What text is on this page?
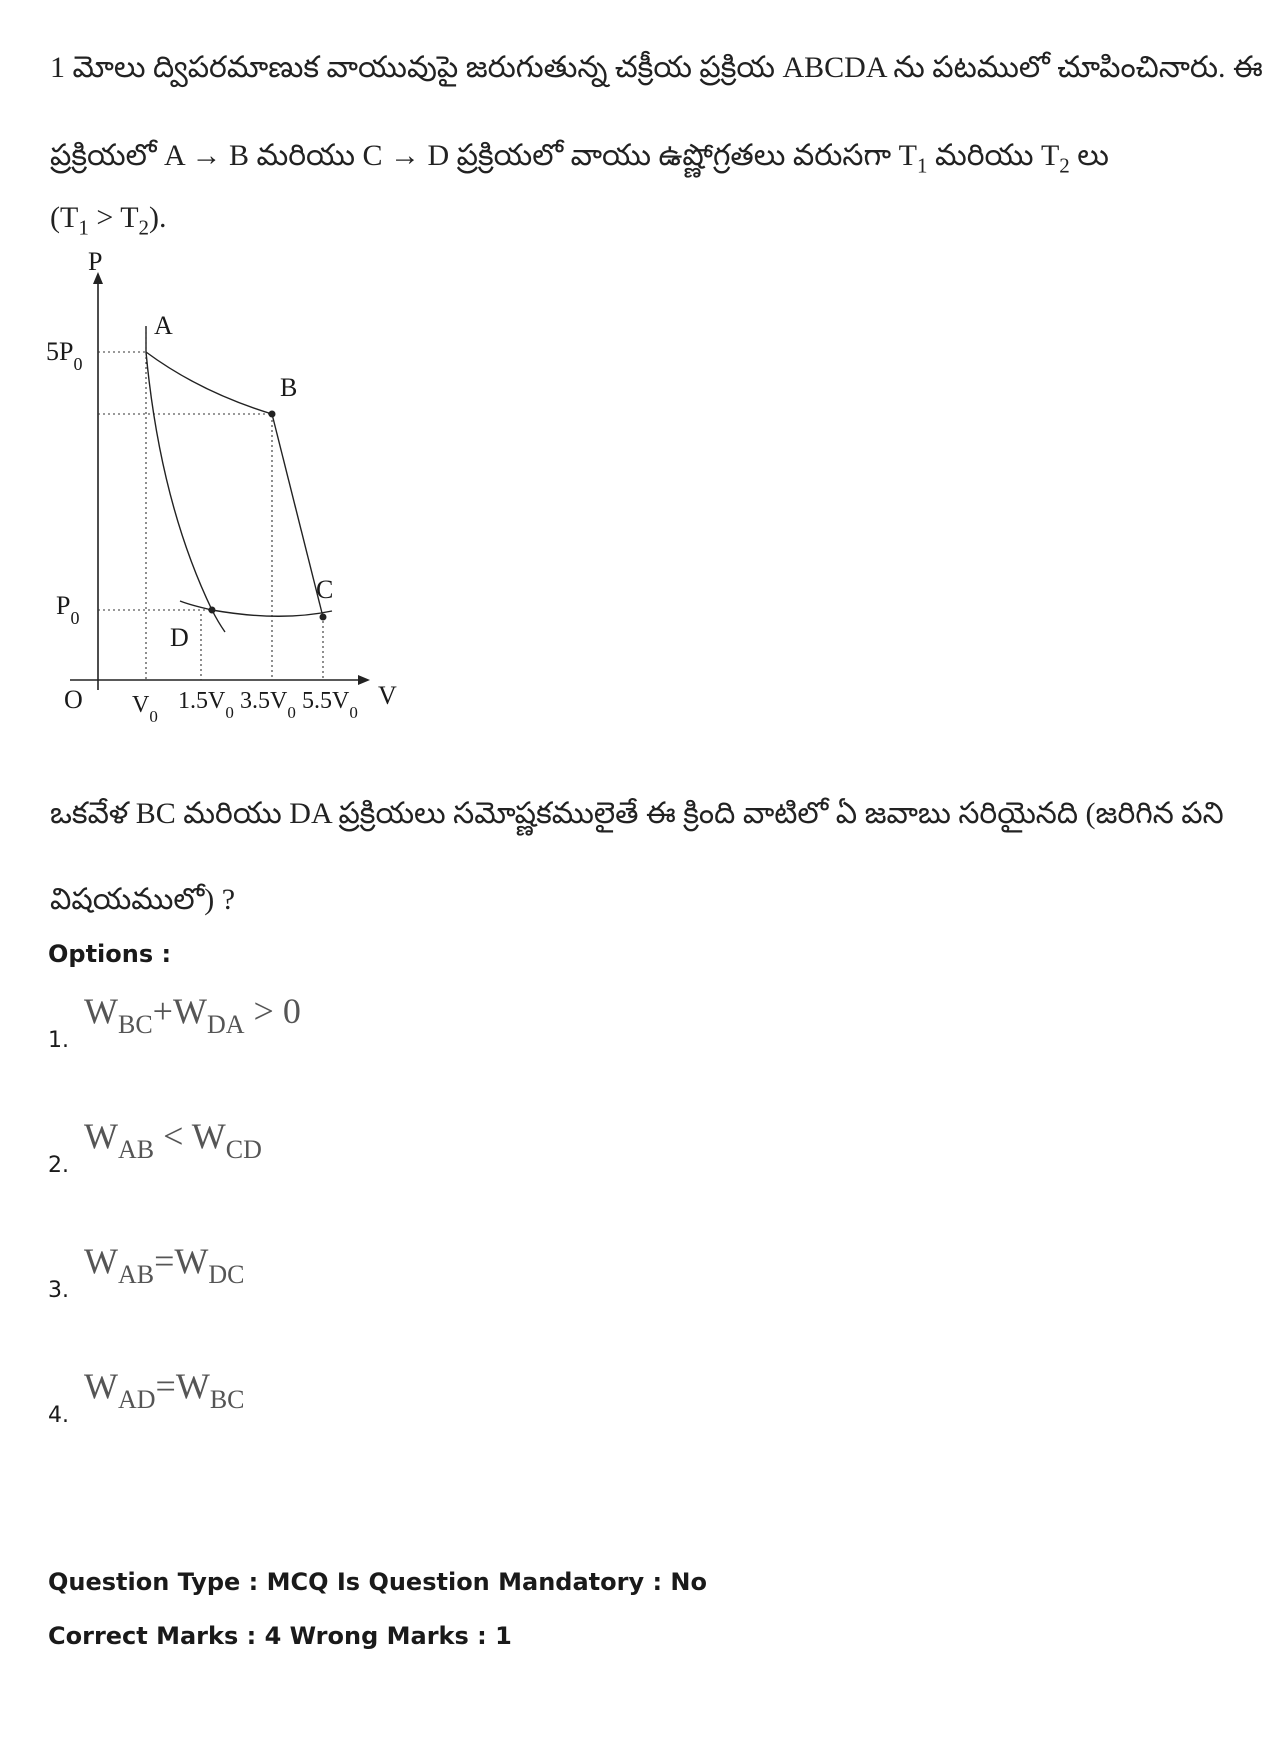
1 మోలు ద్విపరమాణుక వాయువుపై జరుగుతున్న చక్రీయ ప్రక్రియ ABCDA ను పటములో చూపించినారు. ఈ
ప్రక్రియలో A → B మరియు C → D ప్రక్రియలో వాయు ఉష్ణోగ్రతలు వరుసగా $T_1$ మరియు $T_2$ లు
$(T_1 > T_2)$.
P
V
O
$5P_0$
$P_0$
$V_0$
$1.5V_0$ $3.5V_0$ $5.5V_0$
A
B
C
D
ఒకవేళ BC మరియు DA ప్రక్రియలు సమోష్ణకములైతే ఈ క్రింది వాటిలో ఏ జవాబు సరియైనది (జరిగిన పని
విషయములో) ?
Options :
1.
$W_{BC}+W_{DA} > 0$
2.
$W_{AB} < W_{CD}$
3.
$W_{AB}=W_{DC}$
4.
$W_{AD}=W_{BC}$
Question Type : MCQ Is Question Mandatory : No
Correct Marks : 4 Wrong Marks : 1
